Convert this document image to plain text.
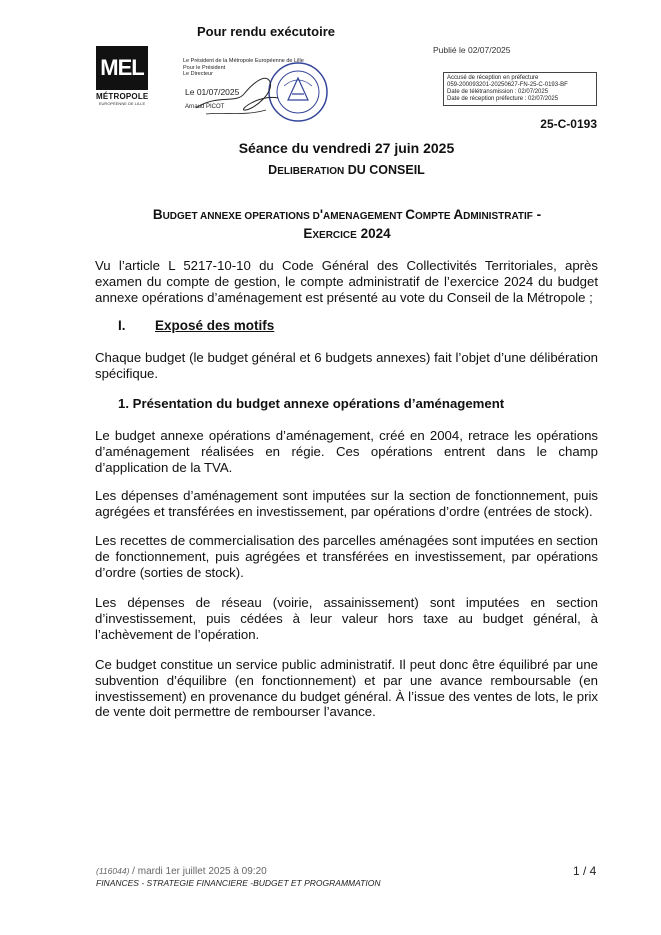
Pour rendu exécutoire
Publié le 02/07/2025
MEL
MÉTROPOLE
EUROPÉENNE DE LILLE
Le Président de la Métropole Européenne de Lille
Pour le Président
Le Directeur
Le 01/07/2025
Arnaud PICOT
Accusé de réception en préfecture
059-200093201-20250627-FN-25-C-0193-BF
Date de télétransmission : 02/07/2025
Date de réception préfecture : 02/07/2025
25-C-0193
Séance du vendredi 27 juin 2025
DELIBERATION DU CONSEIL
BUDGET ANNEXE OPERATIONS D'AMENAGEMENT COMPTE ADMINISTRATIF -
EXERCICE 2024
Vu l’article L 5217-10-10 du Code Général des Collectivités Territoriales, après examen du compte de gestion, le compte administratif de l’exercice 2024 du budget annexe opérations d’aménagement est présenté au vote du Conseil de la Métropole ;
I. Exposé des motifs
Chaque budget (le budget général et 6 budgets annexes) fait l’objet d’une délibération spécifique.
1. Présentation du budget annexe opérations d’aménagement
Le budget annexe opérations d’aménagement, créé en 2004, retrace les opérations d’aménagement réalisées en régie. Ces opérations entrent dans le champ d’application de la TVA.
Les dépenses d’aménagement sont imputées sur la section de fonctionnement, puis agrégées et transférées en investissement, par opérations d’ordre (entrées de stock).
Les recettes de commercialisation des parcelles aménagées sont imputées en section de fonctionnement, puis agrégées et transférées en investissement, par opérations d’ordre (sorties de stock).
Les dépenses de réseau (voirie, assainissement) sont imputées en section d’investissement, puis cédées à leur valeur hors taxe au budget général, à l’achèvement de l’opération.
Ce budget constitue un service public administratif. Il peut donc être équilibré par une subvention d’équilibre (en fonctionnement) et par une avance remboursable (en investissement) en provenance du budget général. À l’issue des ventes de lots, le prix de vente doit permettre de rembourser l’avance.
(116044) / mardi 1er juillet 2025 à 09:20
FINANCES - STRATEGIE FINANCIERE -BUDGET ET PROGRAMMATION
1 / 4
